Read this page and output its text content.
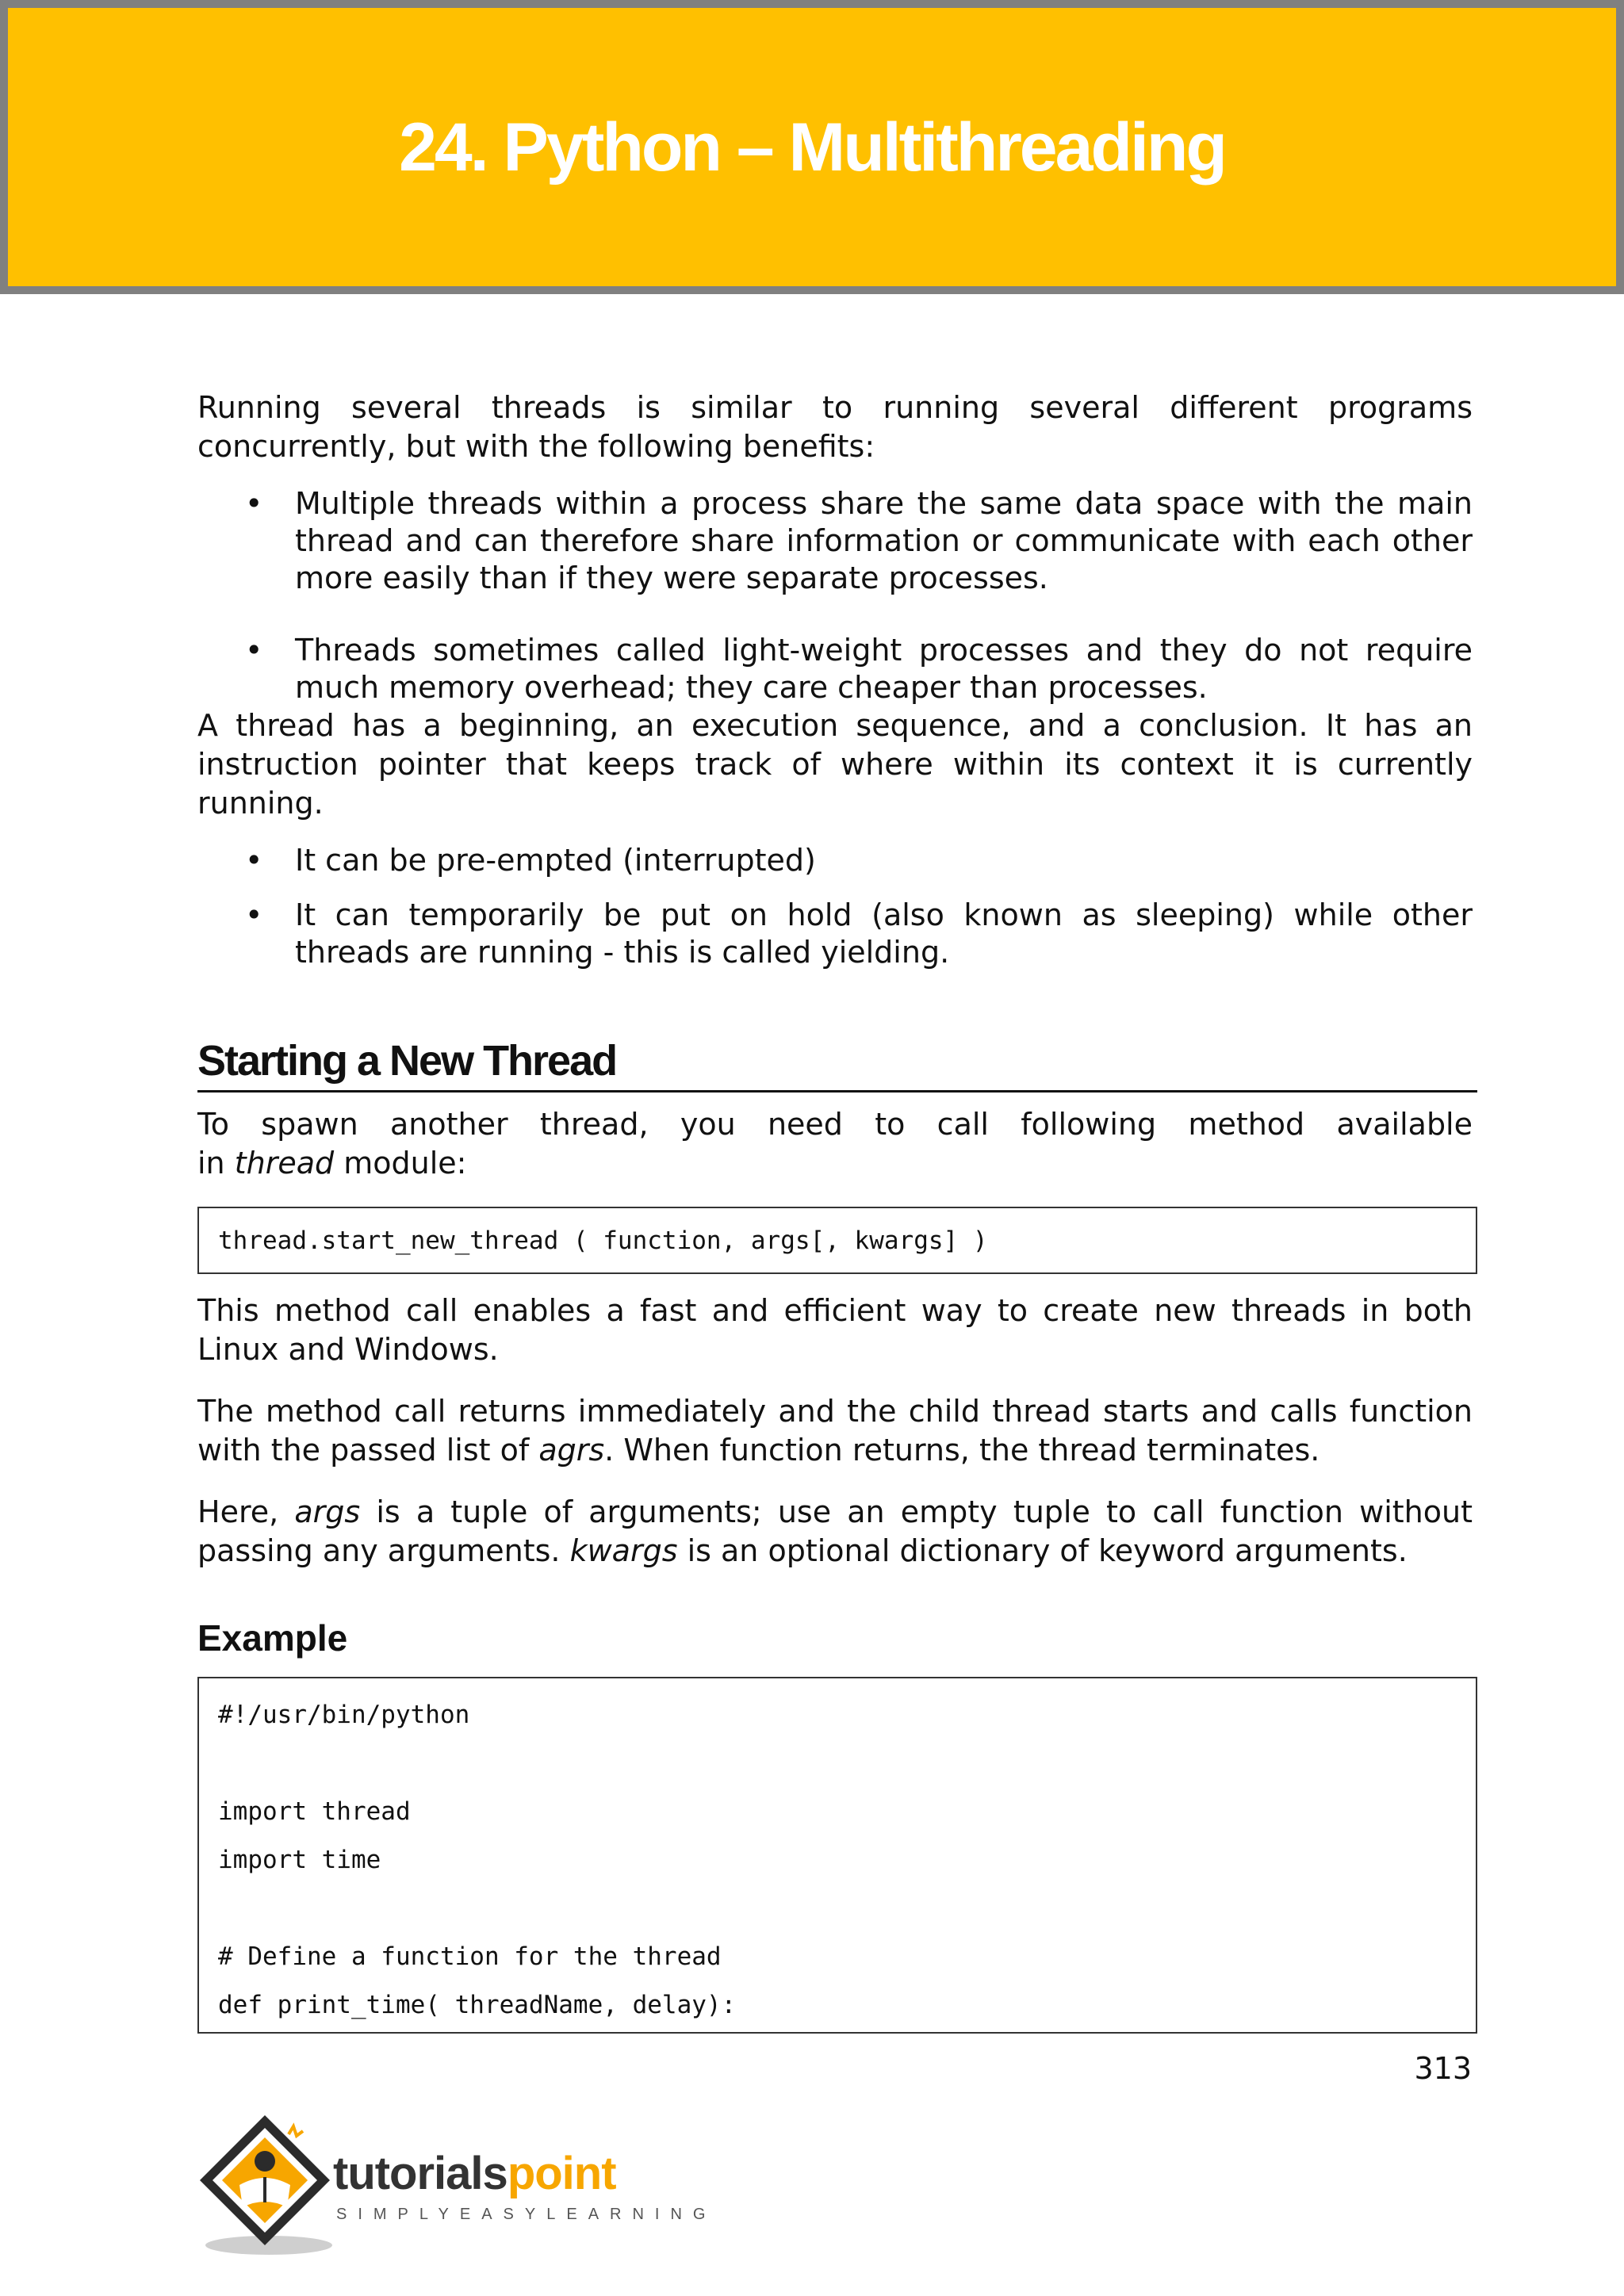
24. Python – Multithreading

Running several threads is similar to running several different programs concurrently, but with the following benefits:

• Multiple threads within a process share the same data space with the main thread and can therefore share information or communicate with each other more easily than if they were separate processes.
• Threads sometimes called light-weight processes and they do not require much memory overhead; they care cheaper than processes.

A thread has a beginning, an execution sequence, and a conclusion. It has an instruction pointer that keeps track of where within its context it is currently running.

• It can be pre-empted (interrupted)
• It can temporarily be put on hold (also known as sleeping) while other threads are running - this is called yielding.
Starting a New Thread

To spawn another thread, you need to call following method available
in thread module:

thread.start_new_thread ( function, args[, kwargs] )

This method call enables a fast and efficient way to create new threads in both Linux and Windows.

The method call returns immediately and the child thread starts and calls function with the passed list of agrs. When function returns, the thread terminates.

Here, args is a tuple of arguments; use an empty tuple to call function without passing any arguments. kwargs is an optional dictionary of keyword arguments.

Example
#!/usr/bin/python
import thread
import time
# Define a function for the thread
def print_time( threadName, delay):
313
tutorialspoint
SIMPLYEASYLEARNING
